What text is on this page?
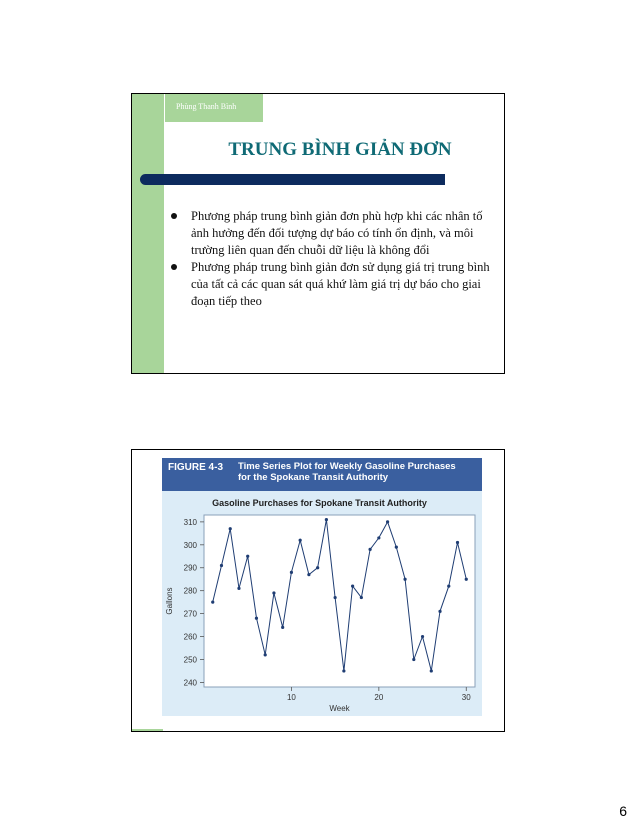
Phùng Thanh Bình
TRUNG BÌNH GIẢN ĐƠN
Phương pháp trung bình giản đơn phù hợp khi các nhân tố ảnh hưởng đến đối tượng dự báo có tính ổn định, và môi trường liên quan đến chuỗi dữ liệu là không đổi
Phương pháp trung bình giản đơn sử dụng giá trị trung bình của tất cả các quan sát quá khứ làm giá trị dự báo cho giai đoạn tiếp theo
FIGURE 4-3 Time Series Plot for Weekly Gasoline Purchases
for the Spokane Transit Authority
Gasoline Purchases for Spokane Transit Authority
240
250
260
270
280
290
300
310
10	20	30
Week
Gallons
6
